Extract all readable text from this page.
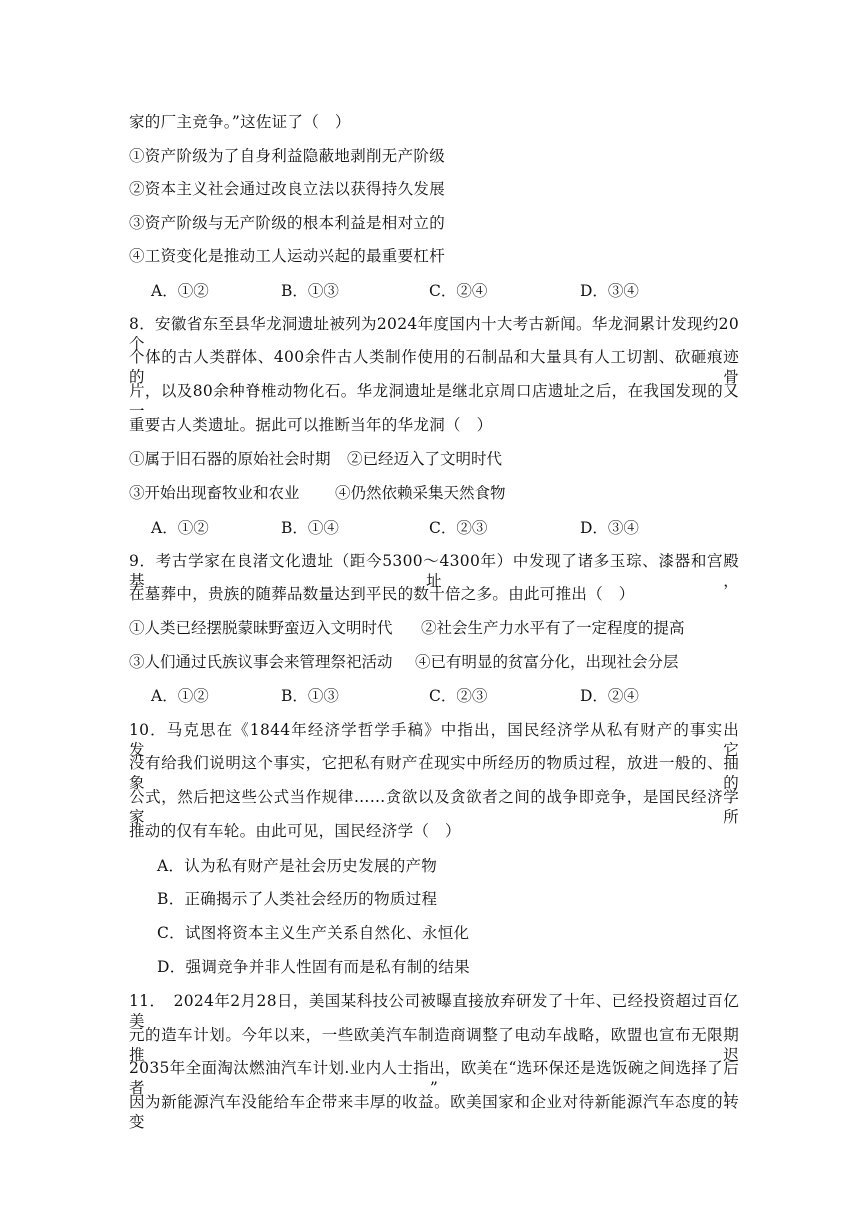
家的厂主竞争。”这佐证了（　）
①资产阶级为了自身利益隐蔽地剥削无产阶级
②资本主义社会通过改良立法以获得持久发展
③资产阶级与无产阶级的根本利益是相对立的
④工资变化是推动工人运动兴起的最重要杠杆
A．①②	B．①③	C．②④	D．③④
8．安徽省东至县华龙洞遗址被列为2024年度国内十大考古新闻。华龙洞累计发现约20个
个体的古人类群体、400余件古人类制作使用的石制品和大量具有人工切割、砍砸痕迹的骨
片，以及80余种脊椎动物化石。华龙洞遗址是继北京周口店遗址之后，在我国发现的又一
重要古人类遗址。据此可以推断当年的华龙洞（　）
①属于旧石器的原始社会时期 ②已经迈入了文明时代
③开始出现畜牧业和农业 ④仍然依赖采集天然食物
A．①②	B．①④	C．②③	D．③④
9．考古学家在良渚文化遗址（距今5300～4300年）中发现了诸多玉琮、漆器和宫殿基址，
在墓葬中，贵族的随葬品数量达到平民的数十倍之多。由此可推出（　）
①人类已经摆脱蒙昧野蛮迈入文明时代 ②社会生产力水平有了一定程度的提高
③人们通过氏族议事会来管理祭祀活动 ④已有明显的贫富分化，出现社会分层
A．①②	B．①③	C．②③	D．②④
10．马克思在《1844年经济学哲学手稿》中指出，国民经济学从私有财产的事实出发，它
没有给我们说明这个事实，它把私有财产在现实中所经历的物质过程，放进一般的、抽象的
公式，然后把这些公式当作规律……贪欲以及贪欲者之间的战争即竞争，是国民经济学家所
推动的仅有车轮。由此可见，国民经济学（　）
A．认为私有财产是社会历史发展的产物
B．正确揭示了人类社会经历的物质过程
C．试图将资本主义生产关系自然化、永恒化
D．强调竞争并非人性固有而是私有制的结果
11．　2024年2月28日，美国某科技公司被曝直接放弃研发了十年、已经投资超过百亿美
元的造车计划。今年以来，一些欧美汽车制造商调整了电动车战略，欧盟也宣布无限期推迟
2035年全面淘汰燃油汽车计划.业内人士指出，欧美在“选环保还是选饭碗之间选择了后者”，
因为新能源汽车没能给车企带来丰厚的收益。欧美国家和企业对待新能源汽车态度的转变
